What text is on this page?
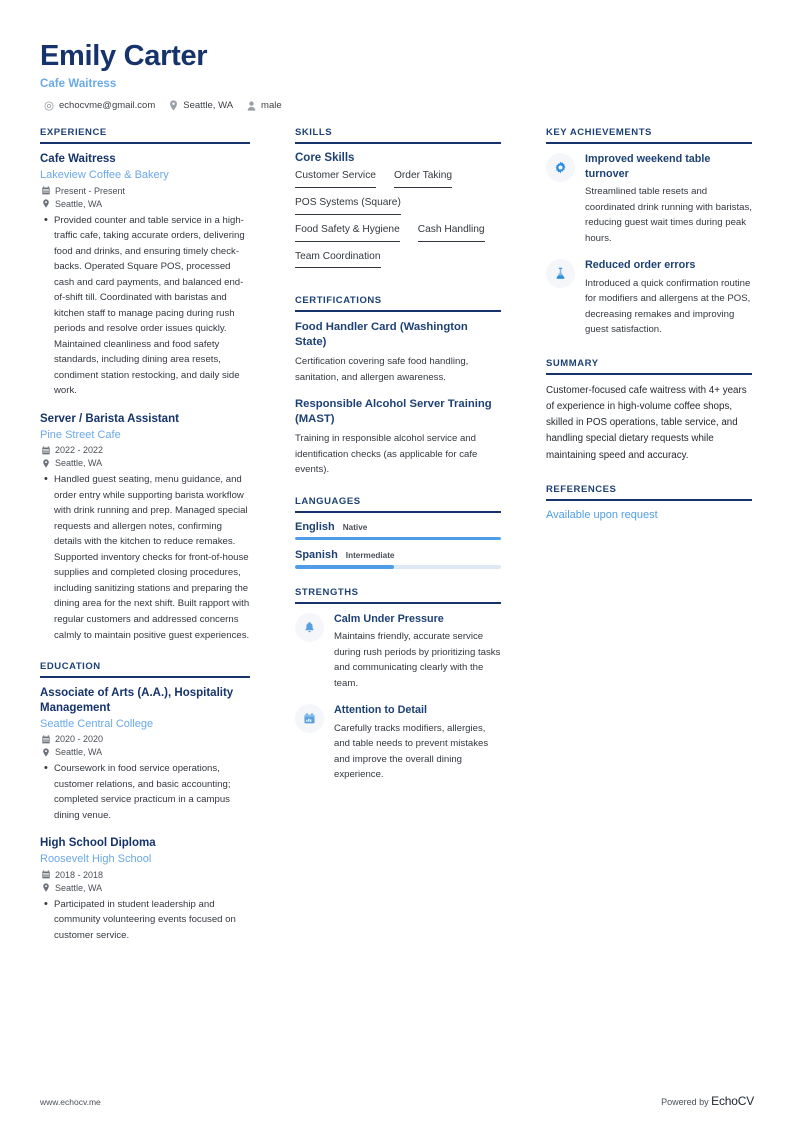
Emily Carter
Cafe Waitress
echocvme@gmail.com	Seattle, WA	male
EXPERIENCE
Cafe Waitress
Lakeview Coffee & Bakery
Present - Present
Seattle, WA
• Provided counter and table service in a high-traffic cafe, taking accurate orders, delivering food and drinks, and ensuring timely check-backs. Operated Square POS, processed cash and card payments, and balanced end-of-shift till. Coordinated with baristas and kitchen staff to manage pacing during rush periods and resolve order issues quickly. Maintained cleanliness and food safety standards, including dining area resets, condiment station restocking, and daily side work.
Server / Barista Assistant
Pine Street Cafe
2022 - 2022
Seattle, WA
• Handled guest seating, menu guidance, and order entry while supporting barista workflow with drink running and prep. Managed special requests and allergen notes, confirming details with the kitchen to reduce remakes. Supported inventory checks for front-of-house supplies and completed closing procedures, including sanitizing stations and preparing the dining area for the next shift. Built rapport with regular customers and addressed concerns calmly to maintain positive guest experiences.
EDUCATION
Associate of Arts (A.A.), Hospitality Management
Seattle Central College
2020 - 2020
Seattle, WA
• Coursework in food service operations, customer relations, and basic accounting; completed service practicum in a campus dining venue.
High School Diploma
Roosevelt High School
2018 - 2018
Seattle, WA
• Participated in student leadership and community volunteering events focused on customer service.
SKILLS
Core Skills
Customer Service Order Taking
POS Systems (Square)
Food Safety & Hygiene Cash Handling
Team Coordination
CERTIFICATIONS
Food Handler Card (Washington State)
Certification covering safe food handling, sanitation, and allergen awareness.
Responsible Alcohol Server Training (MAST)
Training in responsible alcohol service and identification checks (as applicable for cafe events).
LANGUAGES
English Native
Spanish Intermediate
STRENGTHS
Calm Under Pressure
Maintains friendly, accurate service during rush periods by prioritizing tasks and communicating clearly with the team.
Attention to Detail
Carefully tracks modifiers, allergies, and table needs to prevent mistakes and improve the overall dining experience.
KEY ACHIEVEMENTS
Improved weekend table turnover
Streamlined table resets and coordinated drink running with baristas, reducing guest wait times during peak hours.
Reduced order errors
Introduced a quick confirmation routine for modifiers and allergens at the POS, decreasing remakes and improving guest satisfaction.
SUMMARY
Customer-focused cafe waitress with 4+ years of experience in high-volume coffee shops, skilled in POS operations, table service, and handling special dietary requests while maintaining speed and accuracy.
REFERENCES
Available upon request
www.echocv.me	Powered by EchoCV
